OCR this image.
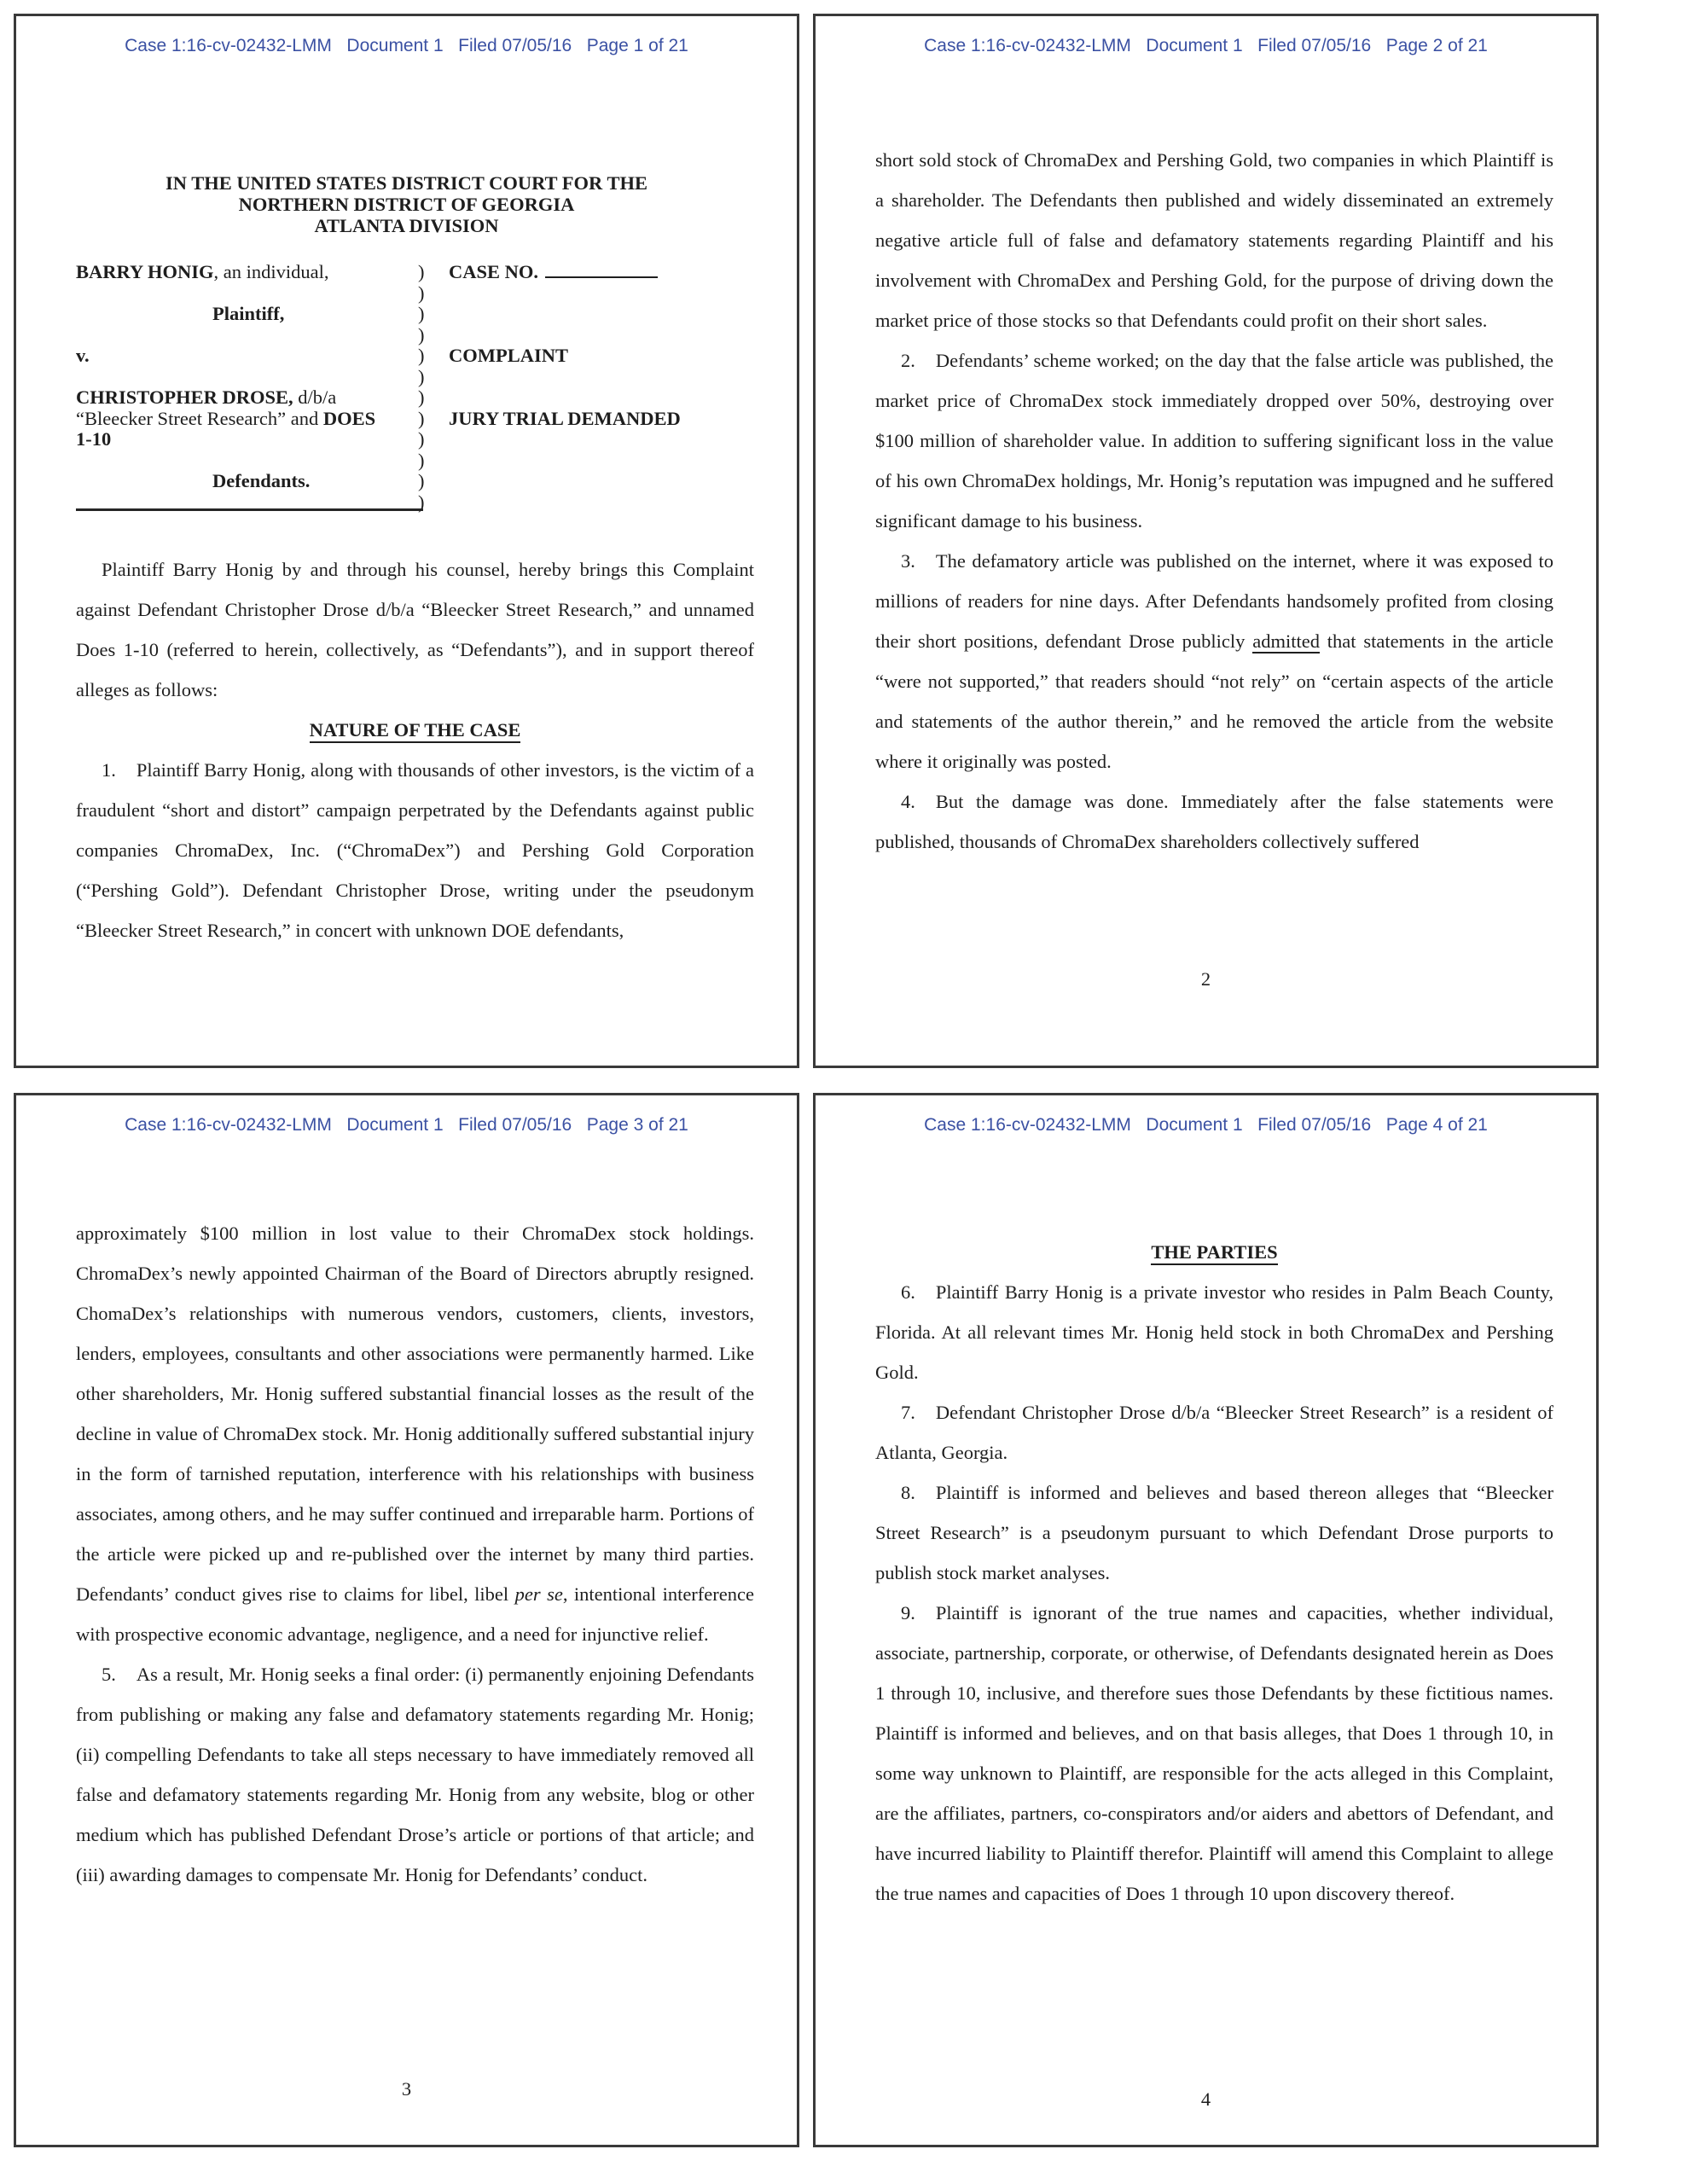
Case 1:16-cv-02432-LMM   Document 1   Filed 07/05/16   Page 1 of 21
IN THE UNITED STATES DISTRICT COURT FOR THE
NORTHERN DISTRICT OF GEORGIA
ATLANTA DIVISION
BARRY HONIG, an individual,	)	CASE NO.
)
Plaintiff,	)
)
v.	)	COMPLAINT
)
CHRISTOPHER DROSE, d/b/a	)
“Bleecker Street Research” and DOES	)	JURY TRIAL DEMANDED
1-10	)
)
Defendants.	)
)

Plaintiff Barry Honig by and through his counsel, hereby brings this Complaint against Defendant Christopher Drose d/b/a “Bleecker Street Research,” and unnamed Does 1-10 (referred to herein, collectively, as “Defendants”), and in support thereof alleges as follows:

NATURE OF THE CASE

1. Plaintiff Barry Honig, along with thousands of other investors, is the victim of a fraudulent “short and distort” campaign perpetrated by the Defendants against public companies ChromaDex, Inc. (“ChromaDex”) and Pershing Gold Corporation (“Pershing Gold”). Defendant Christopher Drose, writing under the pseudonym “Bleecker Street Research,” in concert with unknown DOE defendants,

Case 1:16-cv-02432-LMM   Document 1   Filed 07/05/16   Page 2 of 21

short sold stock of ChromaDex and Pershing Gold, two companies in which Plaintiff is a shareholder. The Defendants then published and widely disseminated an extremely negative article full of false and defamatory statements regarding Plaintiff and his involvement with ChromaDex and Pershing Gold, for the purpose of driving down the market price of those stocks so that Defendants could profit on their short sales.

2. Defendants’ scheme worked; on the day that the false article was published, the market price of ChromaDex stock immediately dropped over 50%, destroying over $100 million of shareholder value. In addition to suffering significant loss in the value of his own ChromaDex holdings, Mr. Honig’s reputation was impugned and he suffered significant damage to his business.

3. The defamatory article was published on the internet, where it was exposed to millions of readers for nine days. After Defendants handsomely profited from closing their short positions, defendant Drose publicly admitted that statements in the article “were not supported,” that readers should “not rely” on “certain aspects of the article and statements of the author therein,” and he removed the article from the website where it originally was posted.

4. But the damage was done. Immediately after the false statements were published, thousands of ChromaDex shareholders collectively suffered

2
Case 1:16-cv-02432-LMM   Document 1   Filed 07/05/16   Page 3 of 21

approximately $100 million in lost value to their ChromaDex stock holdings. ChromaDex’s newly appointed Chairman of the Board of Directors abruptly resigned. ChomaDex’s relationships with numerous vendors, customers, clients, investors, lenders, employees, consultants and other associations were permanently harmed. Like other shareholders, Mr. Honig suffered substantial financial losses as the result of the decline in value of ChromaDex stock. Mr. Honig additionally suffered substantial injury in the form of tarnished reputation, interference with his relationships with business associates, among others, and he may suffer continued and irreparable harm. Portions of the article were picked up and re-published over the internet by many third parties. Defendants’ conduct gives rise to claims for libel, libel per se, intentional interference with prospective economic advantage, negligence, and a need for injunctive relief.

5. As a result, Mr. Honig seeks a final order: (i) permanently enjoining Defendants from publishing or making any false and defamatory statements regarding Mr. Honig; (ii) compelling Defendants to take all steps necessary to have immediately removed all false and defamatory statements regarding Mr. Honig from any website, blog or other medium which has published Defendant Drose’s article or portions of that article; and (iii) awarding damages to compensate Mr. Honig for Defendants’ conduct.

3
Case 1:16-cv-02432-LMM   Document 1   Filed 07/05/16   Page 4 of 21

THE PARTIES

6. Plaintiff Barry Honig is a private investor who resides in Palm Beach County, Florida. At all relevant times Mr. Honig held stock in both ChromaDex and Pershing Gold.

7. Defendant Christopher Drose d/b/a “Bleecker Street Research” is a resident of Atlanta, Georgia.

8. Plaintiff is informed and believes and based thereon alleges that “Bleecker Street Research” is a pseudonym pursuant to which Defendant Drose purports to publish stock market analyses.

9. Plaintiff is ignorant of the true names and capacities, whether individual, associate, partnership, corporate, or otherwise, of Defendants designated herein as Does 1 through 10, inclusive, and therefore sues those Defendants by these fictitious names. Plaintiff is informed and believes, and on that basis alleges, that Does 1 through 10, in some way unknown to Plaintiff, are responsible for the acts alleged in this Complaint, are the affiliates, partners, co-conspirators and/or aiders and abettors of Defendant, and have incurred liability to Plaintiff therefor. Plaintiff will amend this Complaint to allege the true names and capacities of Does 1 through 10 upon discovery thereof.

4
